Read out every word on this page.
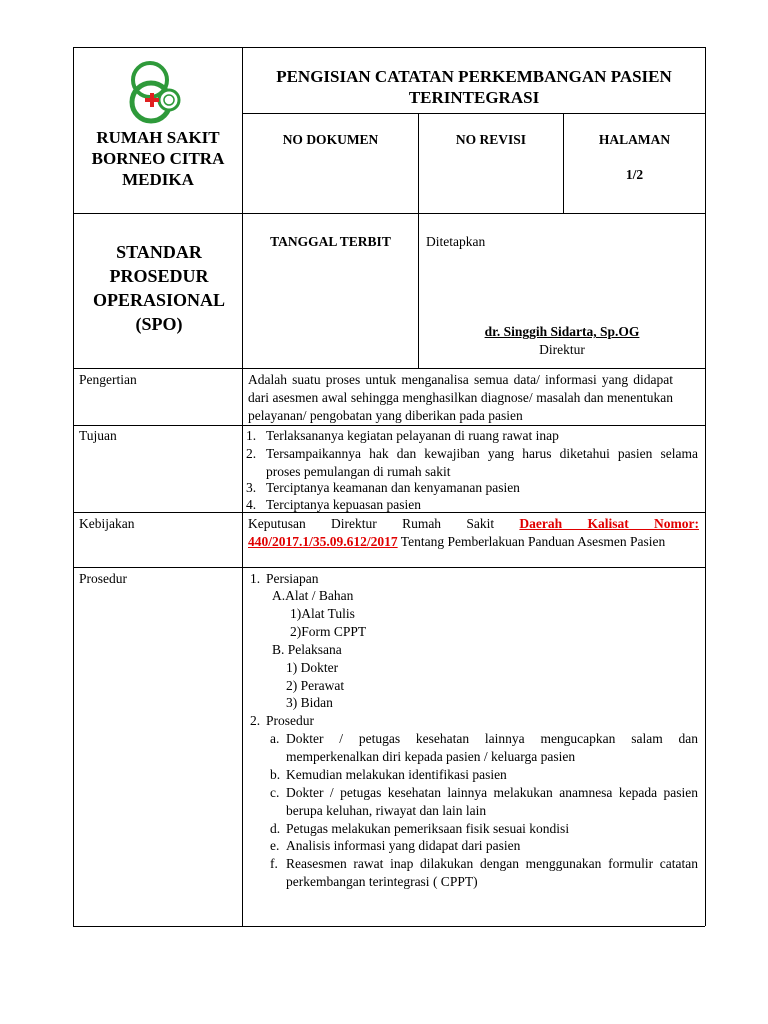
RUMAH SAKIT BORNEO CITRA MEDIKA
PENGISIAN CATATAN PERKEMBANGAN PASIEN TERINTEGRASI
NO DOKUMEN	NO REVISI	HALAMAN
1/2
STANDAR PROSEDUR OPERASIONAL (SPO)
TANGGAL TERBIT	Ditetapkan
dr. Singgih Sidarta, Sp.OG
Direktur
Pengertian	Adalah suatu proses untuk menganalisa semua data/ informasi yang didapat dari asesmen awal sehingga menghasilkan diagnose/ masalah dan menentukan pelayanan/ pengobatan yang diberikan pada pasien
Tujuan	1. Terlaksananya kegiatan pelayanan di ruang rawat inap
2. Tersampaikannya hak dan kewajiban yang harus diketahui pasien selama proses pemulangan di rumah sakit
3. Terciptanya keamanan dan kenyamanan pasien
4. Terciptanya kepuasan pasien
Kebijakan	Keputusan Direktur Rumah Sakit Daerah Kalisat Nomor: 440/2017.1/35.09.612/2017 Tentang Pemberlakuan Panduan Asesmen Pasien
Prosedur	1. Persiapan
A.Alat / Bahan
1)Alat Tulis
2)Form CPPT
B. Pelaksana
1) Dokter
2) Perawat
3) Bidan
2. Prosedur
a. Dokter / petugas kesehatan lainnya mengucapkan salam dan memperkenalkan diri kepada pasien / keluarga pasien
b. Kemudian melakukan identifikasi pasien
c. Dokter / petugas kesehatan lainnya melakukan anamnesa kepada pasien berupa keluhan, riwayat dan lain lain
d. Petugas melakukan pemeriksaan fisik sesuai kondisi
e. Analisis informasi yang didapat dari pasien
f. Reasesmen rawat inap dilakukan dengan menggunakan formulir catatan perkembangan terintegrasi ( CPPT)
